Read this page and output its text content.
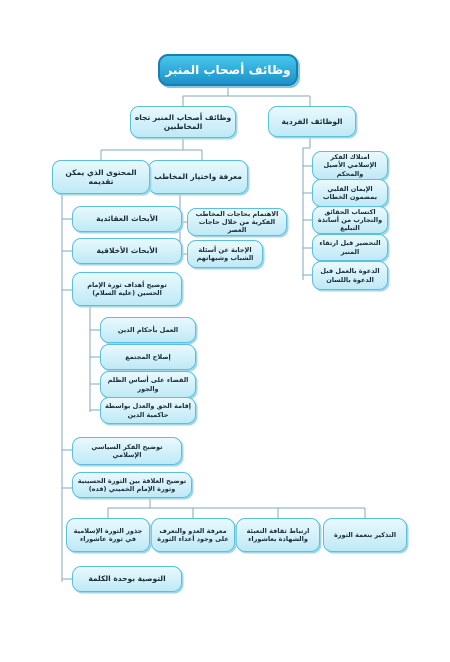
وظائف أصحاب المنبر
الوظائف الفردية
وظائف أصحاب المنبر تجاه المخاطبين
امتلاك الفكر الإسلامي الأصيل والمحكم
الإيمان القلبي بمضمون الخطاب
اكتساب الحقائق والتجارب من أساتذة التبليغ
التحضير قبل ارتقاء المنبر
الدعوة بالعمل قبل الدعوة باللسان
معرفة واختيار المخاطب
المحتوى الذي يمكن تقديمه
الاهتمام بحاجات المخاطب الفكرية من خلال حاجات العصر
الإجابة عن أسئلة الشباب وشبهاتهم
الأبحاث العقائدية
الأبحاث الأخلاقية
توضيح أهداف ثورة الإمام الحسين (عليه السلام)
العمل بأحكام الدين
إصلاح المجتمع
القضاء على أساس الظلم والجور
إقامة الحق والعدل بواسطة حاكمية الدين
توضيح الفكر السياسي الإسلامي
توضيح العلاقة بين الثورة الحسينية وثورة الإمام الخميني (قده)
التذكير بنعمة الثورة
ارتباط ثقافة التعبئة والشهادة بعاشوراء
معرفة العدو والتعرف على وجود أعداء الثورة
جذور الثورة الإسلامية في ثورة عاشوراء
التوصية بوحدة الكلمة
